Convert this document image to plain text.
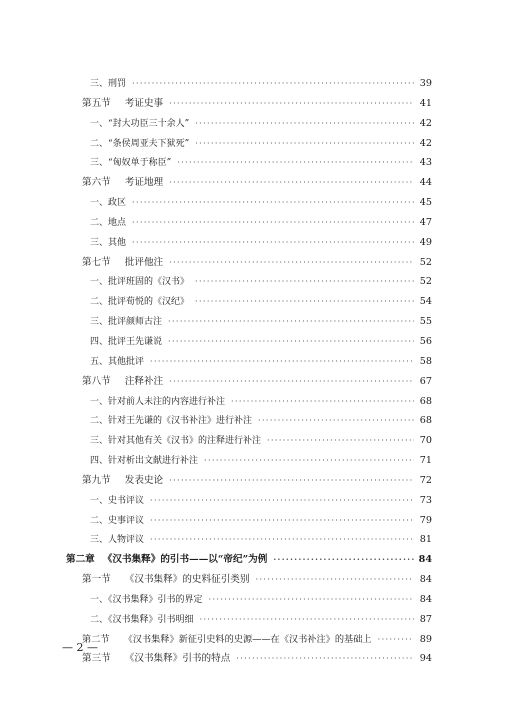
三、刑罚 ·····	39
第五节 考证史事 ·····	41
一、“封大功臣三十余人” ·····	42
二、“条侯周亚夫下狱死” ·····	42
三、“匈奴单于称臣” ·····	43
第六节 考证地理 ·····	44
一、政区 ·····	45
二、地点 ·····	47
三、其他 ·····	49
第七节 批评他注 ·····	52
一、批评班固的《汉书》 ·····	52
二、批评荀悦的《汉纪》 ·····	54
三、批评颜师古注 ·····	55
四、批评王先谦说 ·····	56
五、其他批评 ·····	58
第八节 注释补注 ·····	67
一、针对前人未注的内容进行补注 ·····	68
二、针对王先谦的《汉书补注》进行补注 ·····	68
三、针对其他有关《汉书》的注释进行补注 ·····	70
四、针对析出文献进行补注 ·····	71
第九节 发表史论 ·····	72
一、史书评议 ·····	73
二、史事评议 ·····	79
三、人物评议 ·····	81
第二章 《汉书集释》的引书——以“帝纪”为例 ·····	84
第一节 《汉书集释》的史料征引类别 ·····	84
一、《汉书集释》引书的界定 ·····	84
二、《汉书集释》引书明细 ·····	87
第二节 《汉书集释》新征引史料的史源——在《汉书补注》的基础上 ·····	89
第三节 《汉书集释》引书的特点 ·····	94
— 2 —
